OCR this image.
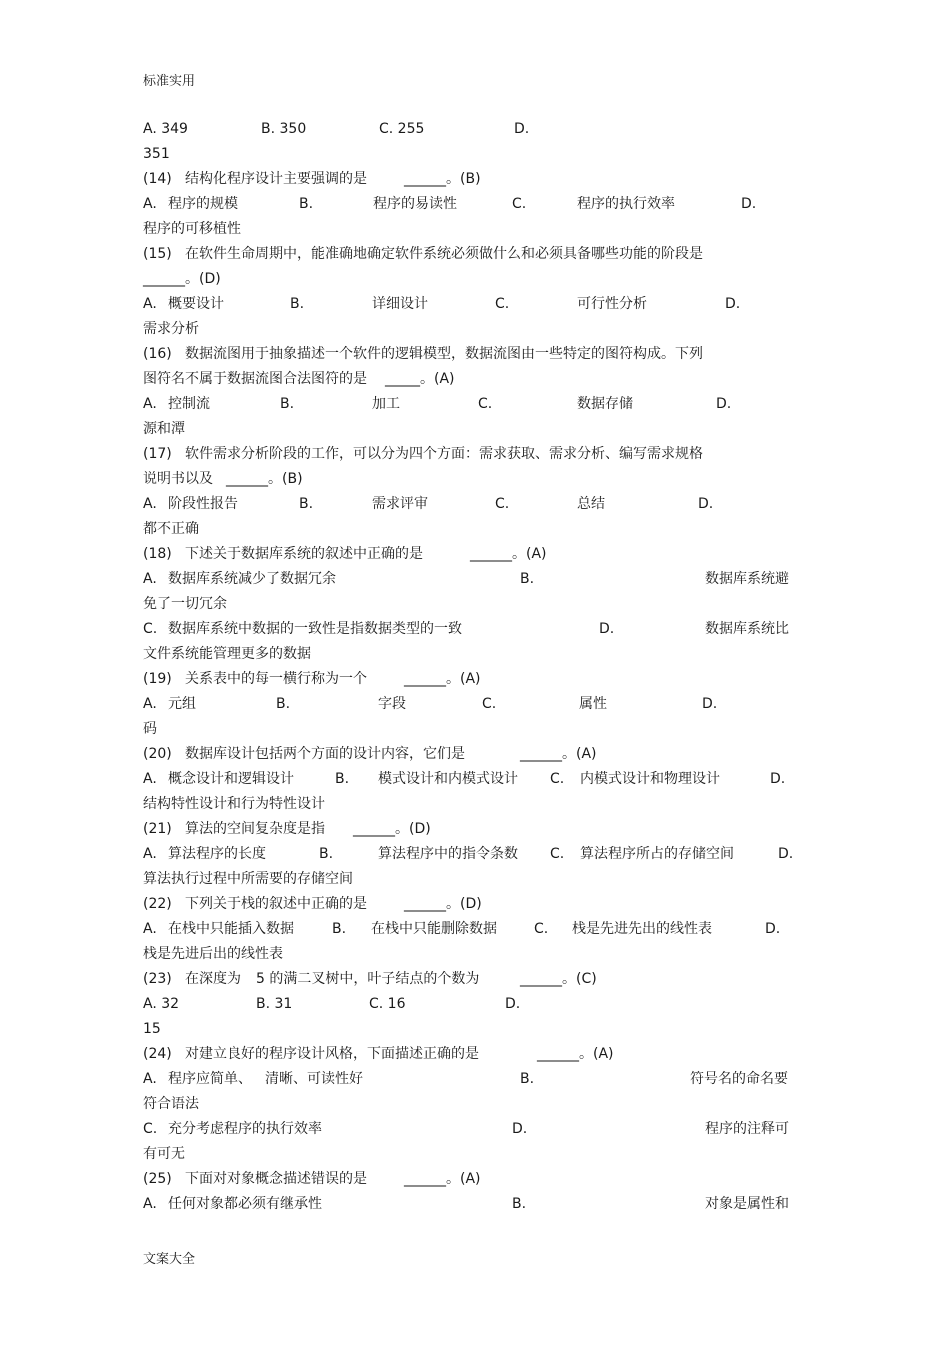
标准实用
A. 349	B. 350	C. 255	D.
351
(14) 结构化程序设计主要强调的是	______。(B)
A. 程序的规模	B.	程序的易读性	C.	程序的执行效率	D.
程序的可移植性
(15) 在软件生命周期中，能准确地确定软件系统必须做什么和必须具备哪些功能的阶段是
______。(D)
A. 概要设计	B.	详细设计	C.	可行性分析	D.
需求分析
(16) 数据流图用于抽象描述一个软件的逻辑模型，数据流图由一些特定的图符构成。下列
图符名不属于数据流图合法图符的是 _____。(A)
A. 控制流	B.	加工	C.	数据存储	D.
源和潭
(17) 软件需求分析阶段的工作，可以分为四个方面：需求获取、需求分析、编写需求规格
说明书以及 ______。(B)
A. 阶段性报告	B.	需求评审	C.	总结	D.
都不正确
(18) 下述关于数据库系统的叙述中正确的是	______。(A)
A. 数据库系统减少了数据冗余	B.	数据库系统避
免了一切冗余
C. 数据库系统中数据的一致性是指数据类型的一致	D.	数据库系统比
文件系统能管理更多的数据
(19) 关系表中的每一横行称为一个	______。(A)
A. 元组	B.	字段	C.	属性	D.
码
(20) 数据库设计包括两个方面的设计内容，它们是	______。(A)
A. 概念设计和逻辑设计	B. 模式设计和内模式设计 C. 内模式设计和物理设计	D.
结构特性设计和行为特性设计
(21) 算法的空间复杂度是指 ______。(D)
A. 算法程序的长度	B.	算法程序中的指令条数 C. 算法程序所占的存储空间	D.
算法执行过程中所需要的存储空间
(22) 下列关于栈的叙述中正确的是	______。(D)
A. 在栈中只能插入数据	B. 在栈中只能删除数据	C. 栈是先进先出的线性表	D.
栈是先进后出的线性表
(23) 在深度为 5 的满二叉树中，叶子结点的个数为	______。(C)
A. 32	B. 31	C. 16	D.
15
(24) 对建立良好的程序设计风格，下面描述正确的是	______。(A)
A. 程序应简单、 清晰、可读性好	B.	符号名的命名要
符合语法
C. 充分考虑程序的执行效率	D.	程序的注释可
有可无
(25) 下面对对象概念描述错误的是	______。(A)
A. 任何对象都必须有继承性	B.	对象是属性和
文案大全
